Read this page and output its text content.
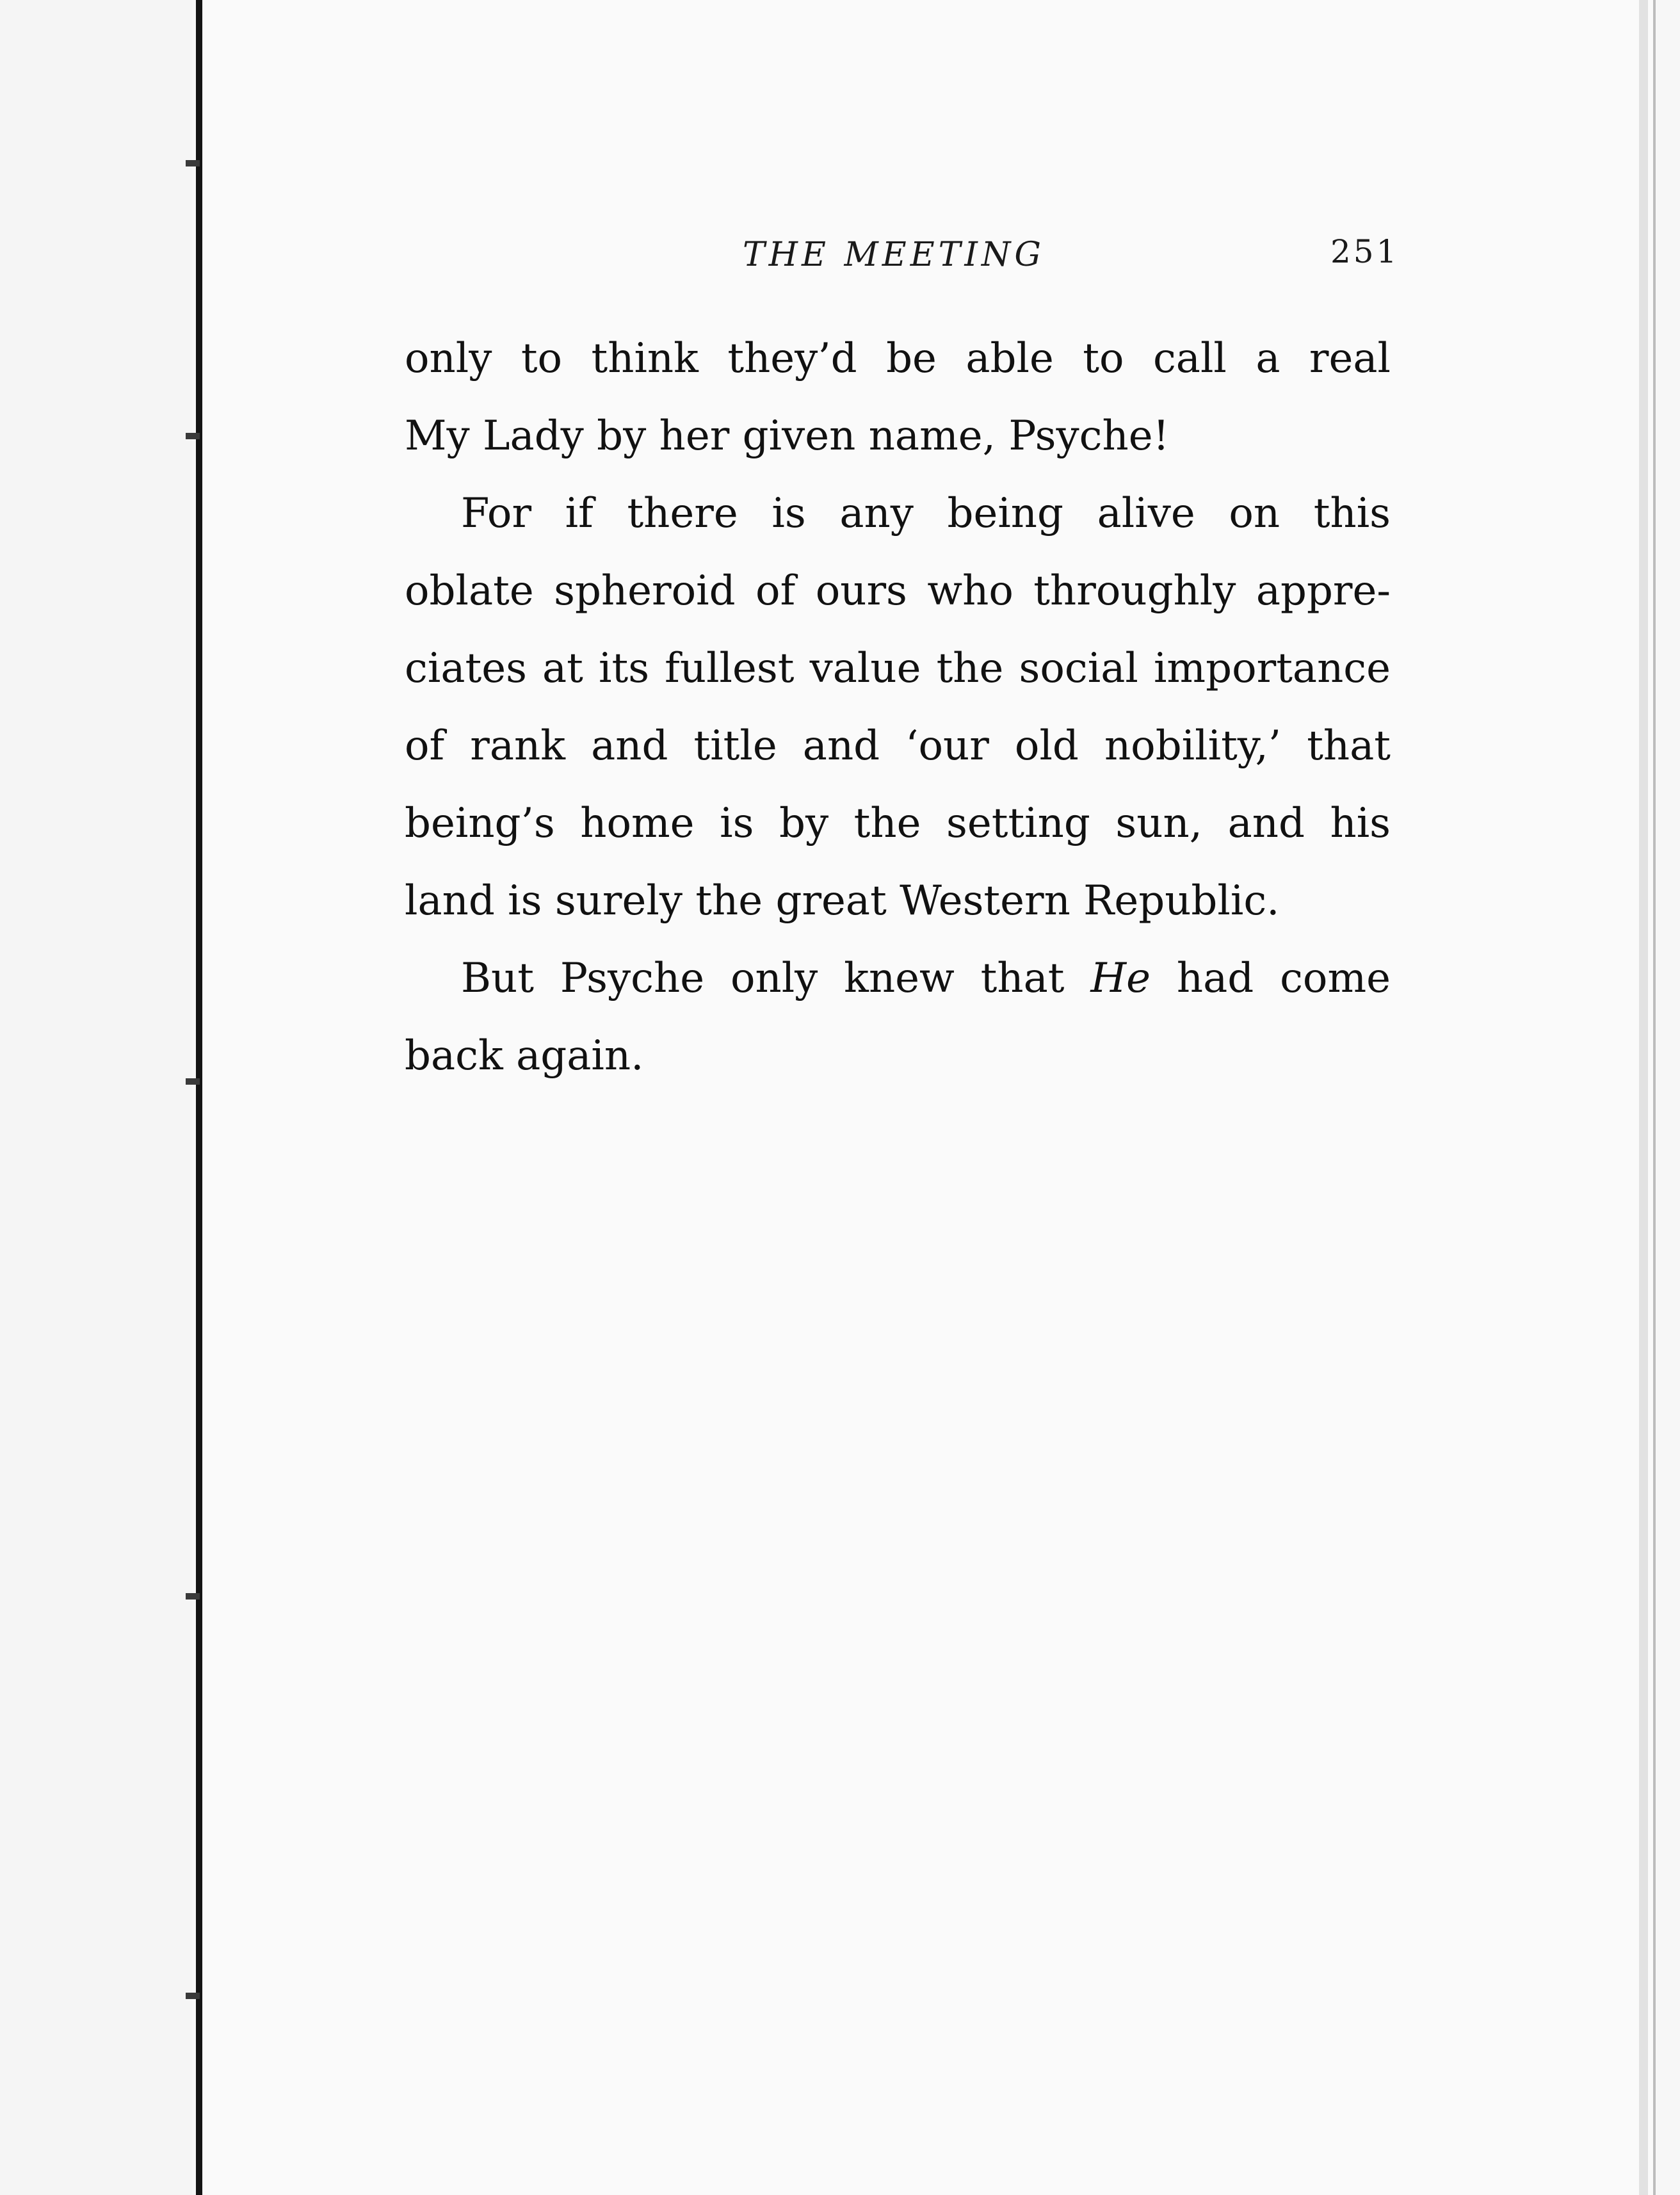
THE MEETING	251

only to think they’d be able to call a real
My Lady by her given name, Psyche!

For if there is any being alive on this
oblate spheroid of ours who throughly appre-
ciates at its fullest value the social importance
of rank and title and ‘our old nobility,’ that
being’s home is by the setting sun, and his
land is surely the great Western Republic.

But Psyche only knew that He had come
back again.
